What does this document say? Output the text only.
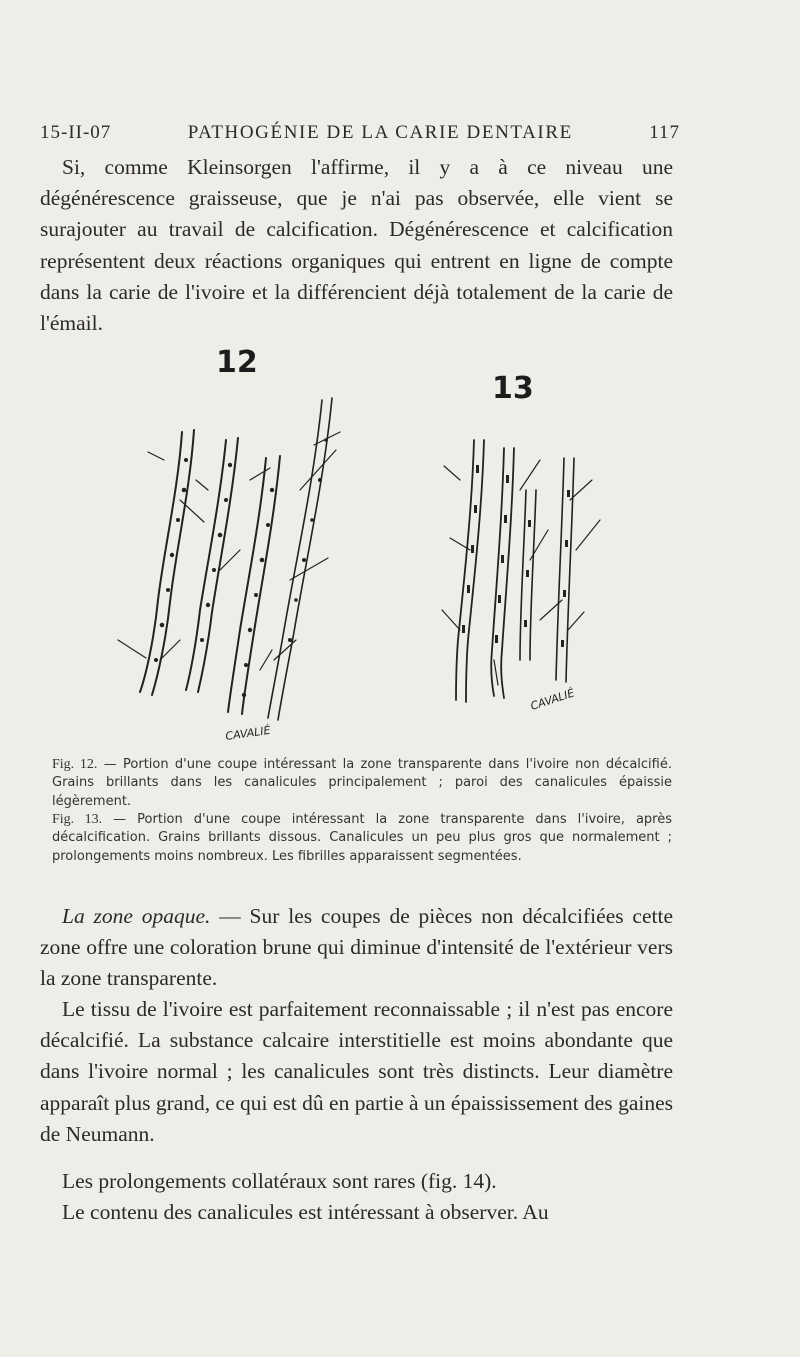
15-II-07	PATHOGÉNIE DE LA CARIE DENTAIRE	117

Si, comme Kleinsorgen l'affirme, il y a à ce niveau une dégénérescence graisseuse, que je n'ai pas observée, elle vient se surajouter au travail de calcification. Dégénérescence et calcification représentent deux réactions organiques qui entrent en ligne de compte dans la carie de l'ivoire et la différencient déjà totalement de la carie de l'émail.

12
13
CAVALIÉ
CAVALIÉ

Fig. 12. — Portion d'une coupe intéressant la zone transparente dans l'ivoire non décalcifié. Grains brillants dans les canalicules principalement ; paroi des canalicules épaissie légèrement.

Fig. 13. — Portion d'une coupe intéressant la zone transparente dans l'ivoire, après décalcification. Grains brillants dissous. Canalicules un peu plus gros que normalement ; prolongements moins nombreux. Les fibrilles apparaissent segmentées.

La zone opaque. — Sur les coupes de pièces non décalcifiées cette zone offre une coloration brune qui diminue d'intensité de l'extérieur vers la zone transparente.

Le tissu de l'ivoire est parfaitement reconnaissable ; il n'est pas encore décalcifié. La substance calcaire interstitielle est moins abondante que dans l'ivoire normal ; les canalicules sont très distincts. Leur diamètre apparaît plus grand, ce qui est dû en partie à un épaississement des gaines de Neumann.

Les prolongements collatéraux sont rares (fig. 14).

Le contenu des canalicules est intéressant à observer. Au
